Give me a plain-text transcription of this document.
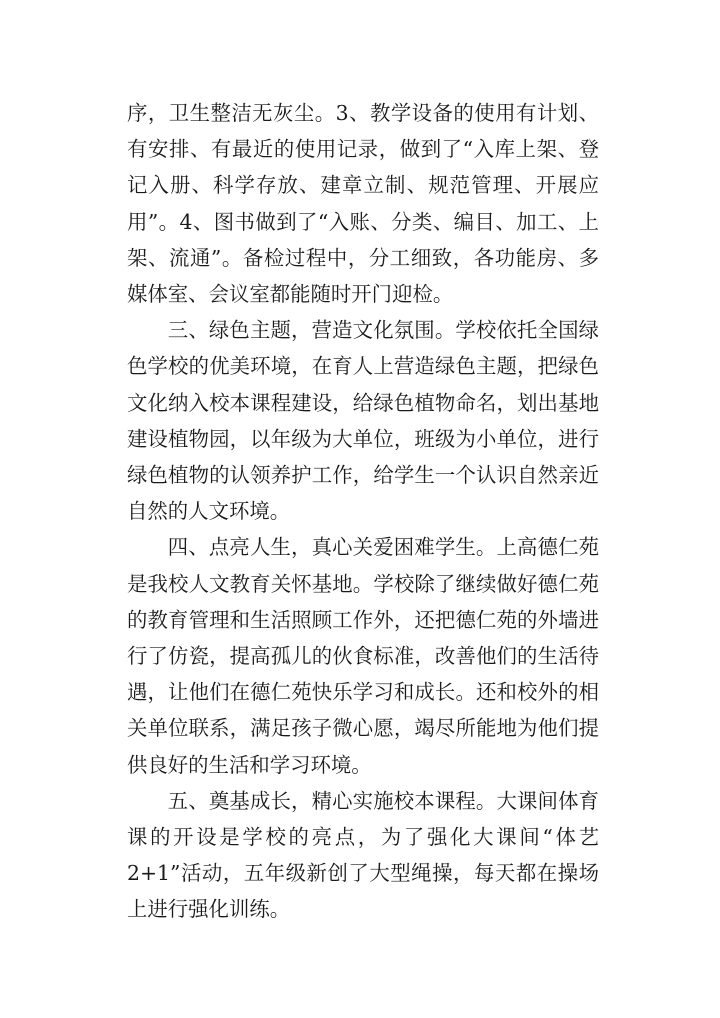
序，卫生整洁无灰尘。3、教学设备的使用有计划、有安排、有最近的使用记录，做到了“入库上架、登记入册、科学存放、建章立制、规范管理、开展应用”。4、图书做到了“入账、分类、编目、加工、上架、流通”。备检过程中，分工细致，各功能房、多媒体室、会议室都能随时开门迎检。

三、绿色主题，营造文化氛围。学校依托全国绿色学校的优美环境，在育人上营造绿色主题，把绿色文化纳入校本课程建设，给绿色植物命名，划出基地建设植物园，以年级为大单位，班级为小单位，进行绿色植物的认领养护工作，给学生一个认识自然亲近自然的人文环境。

四、点亮人生，真心关爱困难学生。上高德仁苑是我校人文教育关怀基地。学校除了继续做好德仁苑的教育管理和生活照顾工作外，还把德仁苑的外墙进行了仿瓷，提高孤儿的伙食标准，改善他们的生活待遇，让他们在德仁苑快乐学习和成长。还和校外的相关单位联系，满足孩子微心愿，竭尽所能地为他们提供良好的生活和学习环境。

五、奠基成长，精心实施校本课程。大课间体育课的开设是学校的亮点，为了强化大课间“体艺 2+1”活动，五年级新创了大型绳操，每天都在操场上进行强化训练。
